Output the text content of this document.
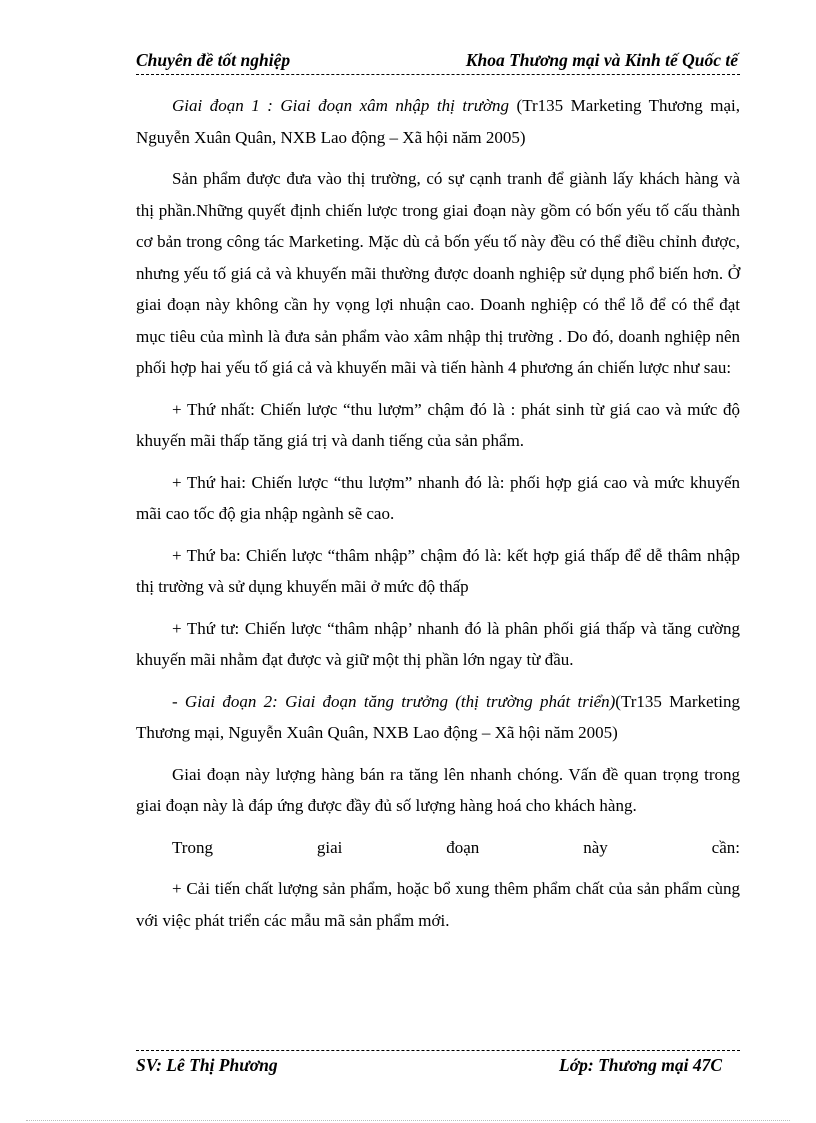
Chuyên đề tốt nghiệp	Khoa Thương mại và Kinh tế Quốc tế

Giai đoạn 1 : Giai đoạn xâm nhập thị trường (Tr135 Marketing Thương mại, Nguyễn Xuân Quân, NXB Lao động – Xã hội năm 2005)

Sản phẩm được đưa vào thị trường, có sự cạnh tranh để giành lấy khách hàng và thị phần.Những quyết định chiến lược trong giai đoạn này gồm có bốn yếu tố cấu thành cơ bản trong công tác Marketing. Mặc dù cả bốn yếu tố này đều có thể điều chỉnh được, nhưng yếu tố giá cả và khuyến mãi thường được doanh nghiệp sử dụng phổ biến hơn. Ở giai đoạn này không cần hy vọng lợi nhuận cao. Doanh nghiệp có thể lỗ để có thể đạt mục tiêu của mình là đưa sản phẩm vào xâm nhập thị trường . Do đó, doanh nghiệp nên phối hợp hai yếu tố giá cả và khuyến mãi và tiến hành 4 phương án chiến lược như sau:

+ Thứ nhất: Chiến lược “thu lượm” chậm đó là : phát sinh từ giá cao và mức độ khuyến mãi thấp tăng giá trị và danh tiếng của sản phẩm.

+ Thứ hai: Chiến lược “thu lượm” nhanh đó là: phối hợp giá cao và mức khuyến mãi cao tốc độ gia nhập ngành sẽ cao.

+ Thứ ba: Chiến lược “thâm nhập” chậm đó là: kết hợp giá thấp để dễ thâm nhập thị trường và sử dụng khuyến mãi ở mức độ thấp

+ Thứ tư: Chiến lược “thâm nhập’ nhanh đó là phân phối giá thấp và tăng cường khuyến mãi nhằm đạt được và giữ một thị phần lớn ngay từ đầu.

- Giai đoạn 2: Giai đoạn tăng trưởng (thị trường phát triển)(Tr135 Marketing Thương mại, Nguyễn Xuân Quân, NXB Lao động – Xã hội năm 2005)

Giai đoạn này lượng hàng bán ra tăng lên nhanh chóng. Vấn đề quan trọng trong giai đoạn này là đáp ứng được đầy đủ số lượng hàng hoá cho khách hàng.

Trong giai đoạn này cần:

+ Cải tiến chất lượng sản phẩm, hoặc bổ xung thêm phẩm chất của sản phẩm cùng với việc phát triển các mẫu mã sản phẩm mới.

SV: Lê Thị Phương	Lớp: Thương mại 47C
